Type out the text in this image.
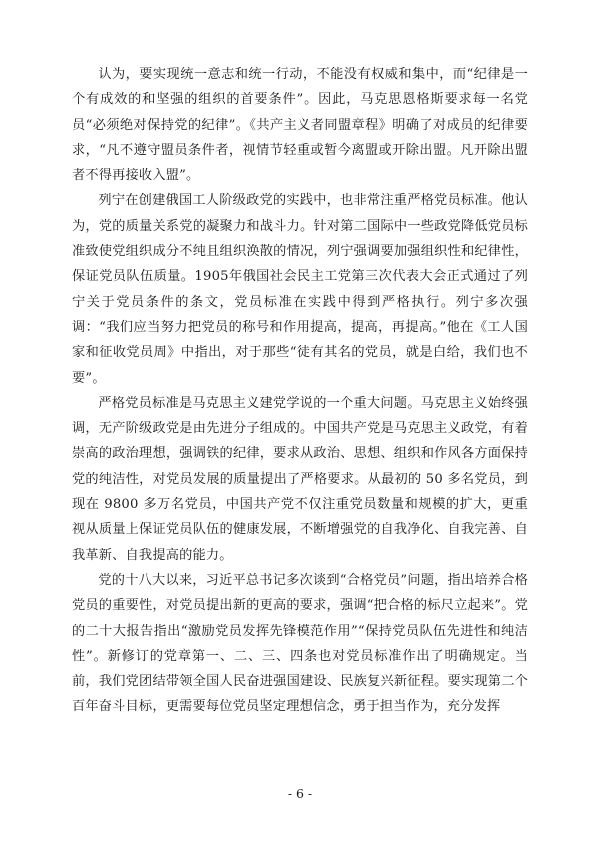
认为，要实现统一意志和统一行动，不能没有权威和集中，而“纪律是一个有成效的和坚强的组织的首要条件”。因此，马克思恩格斯要求每一名党员“必须绝对保持党的纪律”。《共产主义者同盟章程》明确了对成员的纪律要求，“凡不遵守盟员条件者，视情节轻重或暂今离盟或开除出盟。凡开除出盟者不得再接收入盟”。

列宁在创建俄国工人阶级政党的实践中，也非常注重严格党员标准。他认为，党的质量关系党的凝聚力和战斗力。针对第二国际中一些政党降低党员标准致使党组织成分不纯且组织涣散的情况，列宁强调要加强组织性和纪律性，保证党员队伍质量。1905年俄国社会民主工党第三次代表大会正式通过了列宁关于党员条件的条文，党员标准在实践中得到严格执行。列宁多次强调：“我们应当努力把党员的称号和作用提高，提高，再提高。”他在《工人国家和征收党员周》中指出，对于那些“徒有其名的党员，就是白给，我们也不要”。

严格党员标准是马克思主义建党学说的一个重大问题。马克思主义始终强调，无产阶级政党是由先进分子组成的。中国共产党是马克思主义政党，有着崇高的政治理想，强调铁的纪律，要求从政治、思想、组织和作风各方面保持党的纯洁性，对党员发展的质量提出了严格要求。从最初的 50 多名党员，到现在 9800 多万名党员，中国共产党不仅注重党员数量和规模的扩大，更重视从质量上保证党员队伍的健康发展，不断增强党的自我净化、自我完善、自我革新、自我提高的能力。

党的十八大以来，习近平总书记多次谈到“合格党员”问题，指出培养合格党员的重要性，对党员提出新的更高的要求，强调“把合格的标尺立起来”。党的二十大报告指出“激励党员发挥先锋模范作用”“保持党员队伍先进性和纯洁性”。新修订的党章第一、二、三、四条也对党员标准作出了明确规定。当前，我们党团结带领全国人民奋进强国建设、民族复兴新征程。要实现第二个百年奋斗目标，更需要每位党员坚定理想信念，勇于担当作为，充分发挥

- 6 -
